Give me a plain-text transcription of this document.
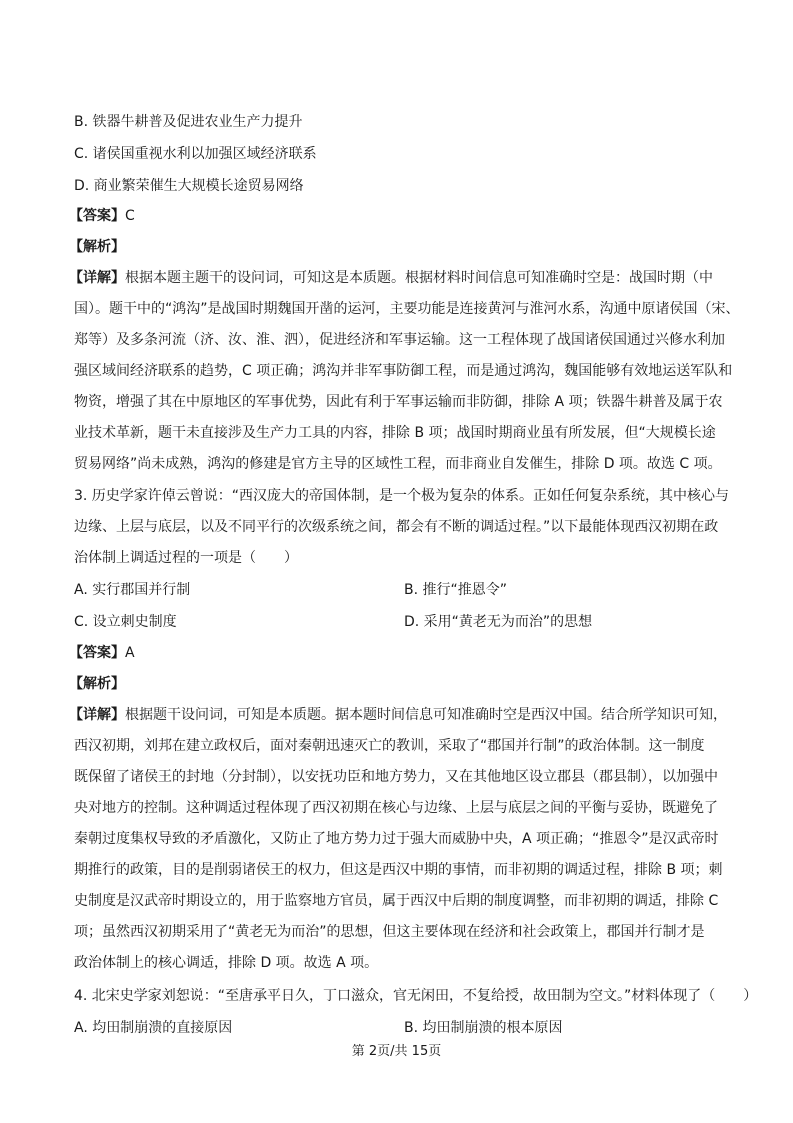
B. 铁器牛耕普及促进农业生产力提升
C. 诸侯国重视水利以加强区域经济联系
D. 商业繁荣催生大规模长途贸易网络
【答案】C
【解析】
【详解】根据本题主题干的设问词，可知这是本质题。根据材料时间信息可知准确时空是：战国时期（中
国）。题干中的“鸿沟”是战国时期魏国开凿的运河，主要功能是连接黄河与淮河水系，沟通中原诸侯国（宋、
郑等）及多条河流（济、汝、淮、泗），促进经济和军事运输。这一工程体现了战国诸侯国通过兴修水利加
强区域间经济联系的趋势，C 项正确；鸿沟并非军事防御工程，而是通过鸿沟，魏国能够有效地运送军队和
物资，增强了其在中原地区的军事优势，因此有利于军事运输而非防御，排除 A 项；铁器牛耕普及属于农
业技术革新，题干未直接涉及生产力工具的内容，排除 B 项；战国时期商业虽有所发展，但“大规模长途
贸易网络”尚未成熟，鸿沟的修建是官方主导的区域性工程，而非商业自发催生，排除 D 项。故选 C 项。
3. 历史学家许倬云曾说：“西汉庞大的帝国体制，是一个极为复杂的体系。正如任何复杂系统，其中核心与
边缘、上层与底层，以及不同平行的次级系统之间，都会有不断的调适过程。”以下最能体现西汉初期在政
治体制上调适过程的一项是（　　）
A. 实行郡国并行制	B. 推行“推恩令”
C. 设立刺史制度	D. 采用“黄老无为而治”的思想
【答案】A
【解析】
【详解】根据题干设问词，可知是本质题。据本题时间信息可知准确时空是西汉中国。结合所学知识可知，
西汉初期，刘邦在建立政权后，面对秦朝迅速灭亡的教训，采取了“郡国并行制”的政治体制。这一制度
既保留了诸侯王的封地（分封制），以安抚功臣和地方势力，又在其他地区设立郡县（郡县制），以加强中
央对地方的控制。这种调适过程体现了西汉初期在核心与边缘、上层与底层之间的平衡与妥协，既避免了
秦朝过度集权导致的矛盾激化，又防止了地方势力过于强大而威胁中央，A 项正确；“推恩令”是汉武帝时
期推行的政策，目的是削弱诸侯王的权力，但这是西汉中期的事情，而非初期的调适过程，排除 B 项；刺
史制度是汉武帝时期设立的，用于监察地方官员，属于西汉中后期的制度调整，而非初期的调适，排除 C
项；虽然西汉初期采用了“黄老无为而治”的思想，但这主要体现在经济和社会政策上，郡国并行制才是
政治体制上的核心调适，排除 D 项。故选 A 项。
4. 北宋史学家刘恕说：“至唐承平日久，丁口滋众，官无闲田，不复给授，故田制为空文。”材料体现了（　　）
A. 均田制崩溃的直接原因	B. 均田制崩溃的根本原因
第 2页/共 15页
